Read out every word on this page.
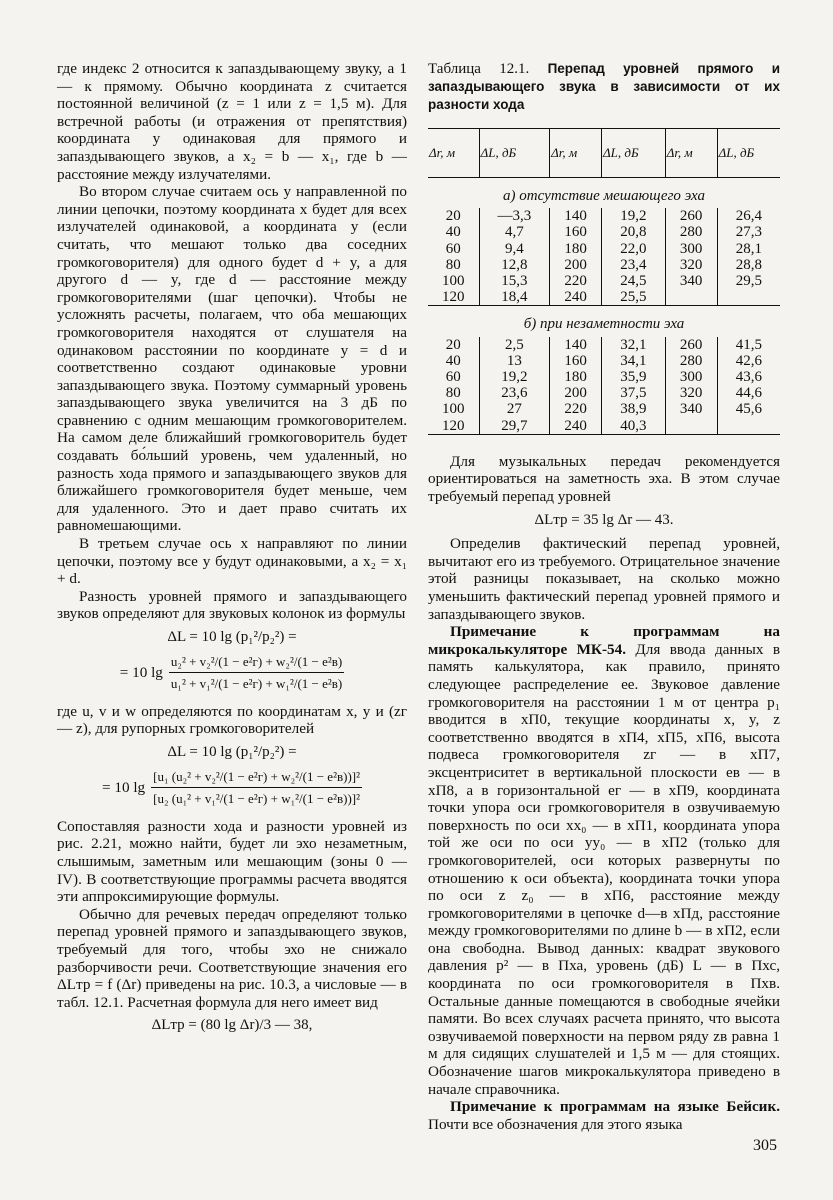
где индекс 2 относится к запаздывающему звуку, а 1 — к прямому. Обычно координата z считается постоянной величиной (z = 1 или z = 1,5 м). Для встречной работы (и отражения от препятствия) координата y одинаковая для прямого и запаздывающего звуков, а x₂ = b — x₁, где b — расстояние между излучателями.

Во втором случае считаем ось y направленной по линии цепочки, поэтому координата x будет для всех излучателей одинаковой, а координата y (если считать, что мешают только два соседних громкоговорителя) для одного будет d + y, а для другого d — y, где d — расстояние между громкоговорителями (шаг цепочки). Чтобы не усложнять расчеты, полагаем, что оба мешающих громкоговорителя находятся от слушателя на одинаковом расстоянии по координате y = d и соответственно создают одинаковые уровни запаздывающего звука. Поэтому суммарный уровень запаздывающего звука увеличится на 3 дБ по сравнению с одним мешающим громкоговорителем. На самом деле ближайший громкоговоритель будет создавать бо́льший уровень, чем удаленный, но разность хода прямого и запаздывающего звуков для ближайшего громкоговорителя будет меньше, чем для удаленного. Это и дает право считать их равномешающими.

В третьем случае ось x направляют по линии цепочки, поэтому все y будут одинаковыми, а x₂ = x₁ + d.

Разность уровней прямого и запаздывающего звуков определяют для звуковых колонок из формулы

ΔL = 10 lg (p₁²/p₂²) =
= 10 $\lg \frac{\text{u₂² + v₂²/(1 − e²г) + w₂²/(1 − e²в)}}{\text{u₁² + v₁²/(1 − e²г) + w₁²/(1 − e²в)}}$

где u, v и w определяются по координатам x, y и (zг — z), для рупорных громкоговорителей

ΔL = 10 lg (p₁²/p₂²) =
= 10 $\lg \frac{\text{[u₁ (u₂² + v₂²/(1 − e²г) + w₂²/(1 − e²в))]²}}{\text{[u₂ (u₁² + v₁²/(1 − e²г) + w₁²/(1 − e²в))]²}}$

Сопоставляя разности хода и разности уровней из рис. 2.21, можно найти, будет ли эхо незаметным, слышимым, заметным или мешающим (зоны 0 — IV). В соответствующие программы расчета вводятся эти аппроксимирующие формулы.

Обычно для речевых передач определяют только перепад уровней прямого и запаздывающего звуков, требуемый для того, чтобы эхо не снижало разборчивости речи. Соответствующие значения его ΔLтр = f (Δr) приведены на рис. 10.3, а числовые — в табл. 12.1. Расчетная формула для него имеет вид

ΔLтр = (80 lg Δr)/3 — 38,
Таблица 12.1. Перепад уровней прямого и запаздывающего звука в зависимости от их разности хода
Δr, м	ΔL, дБ	Δr, м	ΔL, дБ	Δr, м	ΔL, дБ
а) отсутствие мешающего эха					
20	—3,3	140	19,2	260	26,4
40	4,7	160	20,8	280	27,3
60	9,4	180	22,0	300	28,1
80	12,8	200	23,4	320	28,8
100	15,3	220	24,5	340	29,5
120	18,4	240	25,5		
б) при незаметности эха					
20	2,5	140	32,1	260	41,5
40	13	160	34,1	280	42,6
60	19,2	180	35,9	300	43,6
80	23,6	200	37,5	320	44,6
100	27	220	38,9	340	45,6
120	29,7	240	40,3		

Для музыкальных передач рекомендуется ориентироваться на заметность эха. В этом случае требуемый перепад уровней

ΔLтр = 35 lg Δr — 43.

Определив фактический перепад уровней, вычитают его из требуемого. Отрицательное значение этой разницы показывает, на сколько можно уменьшить фактический перепад уровней прямого и запаздывающего звуков.

Примечание к программам на микрокалькуляторе МК-54. Для ввода данных в память калькулятора, как правило, принято следующее распределение ее. Звуковое давление громкоговорителя на расстоянии 1 м от центра p₁ вводится в хП0, текущие координаты x, y, z соответственно вводятся в хП4, хП5, хП6, высота подвеса громкоговорителя zг — в хП7, эксцентриситет в вертикальной плоскости eв — в хП8, а в горизонтальной eг — в хП9, координата точки упора оси громкоговорителя в озвучиваемую поверхность по оси xx₀ — в хП1, координата упора той же оси по оси yy₀ — в хП2 (только для громкоговорителей, оси которых развернуты по отношению к оси объекта), координата точки упора по оси z z₀ — в хП6, расстояние между громкоговорителями в цепочке d—в хПд, расстояние между громкоговорителями по длине b — в хП2, если она свободна. Вывод данных: квадрат звукового давления p² — в Пха, уровень (дБ) L — в Пхс, координата по оси громкоговорителя в Пхв. Остальные данные помещаются в свободные ячейки памяти. Во всех случаях расчета принято, что высота озвучиваемой поверхности на первом ряду zв равна 1 м для сидящих слушателей и 1,5 м — для стоящих. Обозначение шагов микрокалькулятора приведено в начале справочника.

Примечание к программам на языке Бейсик. Почти все обозначения для этого языка

305
